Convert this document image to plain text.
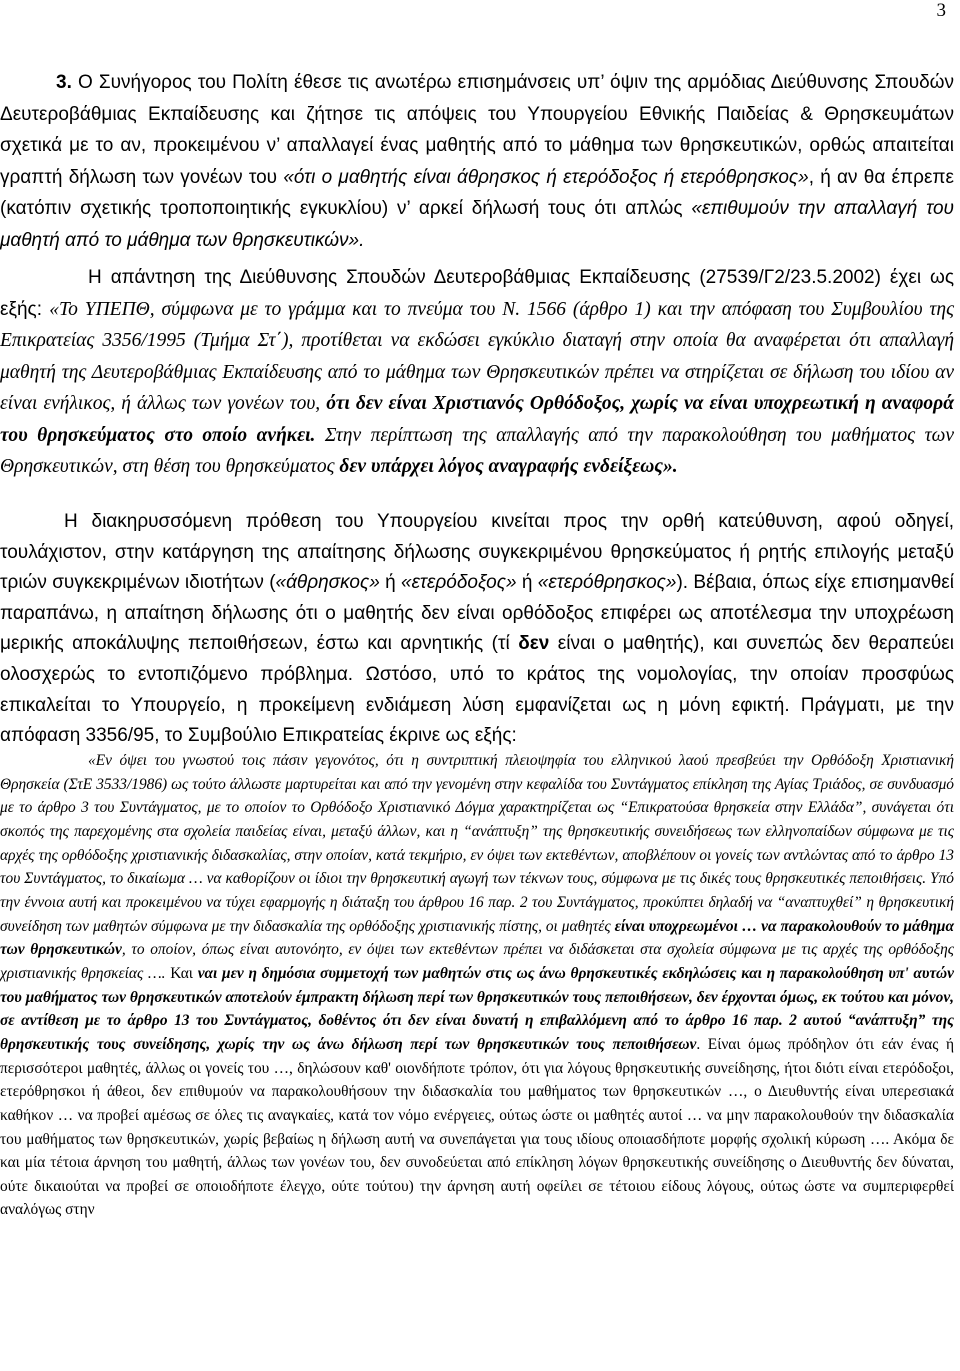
3
3. Ο Συνήγορος του Πολίτη έθεσε τις ανωτέρω επισημάνσεις υπ’ όψιν της αρμόδιας Διεύθυνσης Σπουδών Δευτεροβάθμιας Εκπαίδευσης και ζήτησε τις απόψεις του Υπουργείου Εθνικής Παιδείας & Θρησκευμάτων σχετικά με το αν, προκειμένου ν’ απαλλαγεί ένας μαθητής από το μάθημα των θρησκευτικών, ορθώς απαιτείται γραπτή δήλωση των γονέων του «ότι ο μαθητής είναι άθρησκος ή ετερόδοξος ή ετερόθρησκος», ή αν θα έπρεπε (κατόπιν σχετικής τροποποιητικής εγκυκλίου) ν’ αρκεί δήλωσή τους ότι απλώς «επιθυμούν την απαλλαγή του μαθητή από το μάθημα των θρησκευτικών».
Η απάντηση της Διεύθυνσης Σπουδών Δευτεροβάθμιας Εκπαίδευσης (27539/Γ2/23.5.2002) έχει ως εξής: «Το ΥΠΕΠΘ, σύμφωνα με το γράμμα και το πνεύμα του Ν. 1566 (άρθρο 1) και την απόφαση του Συμβουλίου της Επικρατείας 3356/1995 (Τμήμα Στ΄), προτίθεται να εκδώσει εγκύκλιο διαταγή στην οποία θα αναφέρεται ότι απαλλαγή μαθητή της Δευτεροβάθμιας Εκπαίδευσης από το μάθημα των Θρησκευτικών πρέπει να στηρίζεται σε δήλωση του ιδίου αν είναι ενήλικος, ή άλλως των γονέων του, ότι δεν είναι Χριστιανός Ορθόδοξος, χωρίς να είναι υποχρεωτική η αναφορά του θρησκεύματος στο οποίο ανήκει. Στην περίπτωση της απαλλαγής από την παρακολούθηση του μαθήματος των Θρησκευτικών, στη θέση του θρησκεύματος δεν υπάρχει λόγος αναγραφής ενδείξεως».
Η διακηρυσσόμενη πρόθεση του Υπουργείου κινείται προς την ορθή κατεύθυνση, αφού οδηγεί, τουλάχιστον, στην κατάργηση της απαίτησης δήλωσης συγκεκριμένου θρησκεύματος ή ρητής επιλογής μεταξύ τριών συγκεκριμένων ιδιοτήτων («άθρησκος» ή «ετερόδοξος» ή «ετερόθρησκος»). Βέβαια, όπως είχε επισημανθεί παραπάνω, η απαίτηση δήλωσης ότι ο μαθητής δεν είναι ορθόδοξος επιφέρει ως αποτέλεσμα την υποχρέωση μερικής αποκάλυψης πεποιθήσεων, έστω και αρνητικής (τί δεν είναι ο μαθητής), και συνεπώς δεν θεραπεύει ολοσχερώς το εντοπιζόμενο πρόβλημα. Ωστόσο, υπό το κράτος της νομολογίας, την οποίαν προσφύως επικαλείται το Υπουργείο, η προκείμενη ενδιάμεση λύση εμφανίζεται ως η μόνη εφικτή. Πράγματι, με την απόφαση 3356/95, το Συμβούλιο Επικρατείας έκρινε ως εξής:
«Εν όψει του γνωστού τοις πάσιν γεγονότος, ότι η συντριπτική πλειοψηφία του ελληνικού λαού πρεσβεύει την Ορθόδοξη Χριστιανική Θρησκεία (ΣτΕ 3533/1986) ως τούτο άλλωστε μαρτυρείται και από την γενομένη στην κεφαλίδα του Συντάγματος επίκληση της Αγίας Τριάδος, σε συνδυασμό με το άρθρο 3 του Συντάγματος, με το οποίον το Ορθόδοξο Χριστιανικό Δόγμα χαρακτηρίζεται ως “Επικρατούσα θρησκεία στην Ελλάδα”, συνάγεται ότι σκοπός της παρεχομένης στα σχολεία παιδείας είναι, μεταξύ άλλων, και η “ανάπτυξη” της θρησκευτικής συνειδήσεως των ελληνοπαίδων σύμφωνα με τις αρχές της ορθόδοξης χριστιανικής διδασκαλίας, στην οποίαν, κατά τεκμήριο, εν όψει των εκτεθέντων, αποβλέπουν οι γονείς των αντλώντας από το άρθρο 13 του Συντάγματος, το δικαίωμα … να καθορίζουν οι ίδιοι την θρησκευτική αγωγή των τέκνων τους, σύμφωνα με τις δικές τους θρησκευτικές πεποιθήσεις. Υπό την έννοια αυτή και προκειμένου να τύχει εφαρμογής η διάταξη του άρθρου 16 παρ. 2 του Συντάγματος, προκύπτει δηλαδή να “αναπτυχθεί” η θρησκευτική συνείδηση των μαθητών σύμφωνα με την διδασκαλία της ορθόδοξης χριστιανικής πίστης, οι μαθητές είναι υποχρεωμένοι … να παρακολουθούν το μάθημα των θρησκευτικών, το οποίον, όπως είναι αυτονόητο, εν όψει των εκτεθέντων πρέπει να διδάσκεται στα σχολεία σύμφωνα με τις αρχές της ορθόδοξης χριστιανικής θρησκείας …. Και ναι μεν η δημόσια συμμετοχή των μαθητών στις ως άνω θρησκευτικές εκδηλώσεις και η παρακολούθηση υπ' αυτών του μαθήματος των θρησκευτικών αποτελούν έμπρακτη δήλωση περί των θρησκευτικών τους πεποιθήσεων, δεν έρχονται όμως, εκ τούτου και μόνον, σε αντίθεση με το άρθρο 13 του Συντάγματος, δοθέντος ότι δεν είναι δυνατή η επιβαλλόμενη από το άρθρο 16 παρ. 2 αυτού “ανάπτυξη” της θρησκευτικής τους συνείδησης, χωρίς την ως άνω δήλωση περί των θρησκευτικών τους πεποιθήσεων. Είναι όμως πρόδηλον ότι εάν ένας ή περισσότεροι μαθητές, άλλως οι γονείς του …, δηλώσουν καθ' οιονδήποτε τρόπον, ότι για λόγους θρησκευτικής συνείδησης, ήτοι διότι είναι ετερόδοξοι, ετερόθρησκοι ή άθεοι, δεν επιθυμούν να παρακολουθήσουν την διδασκαλία του μαθήματος των θρησκευτικών …, ο Διευθυντής είναι υπερεσιακά καθήκον … να προβεί αμέσως σε όλες τις αναγκαίες, κατά τον νόμο ενέργειες, ούτως ώστε οι μαθητές αυτοί … να μην παρακολουθούν την διδασκαλία του μαθήματος των θρησκευτικών, χωρίς βεβαίως η δήλωση αυτή να συνεπάγεται για τους ιδίους οποιασδήποτε μορφής σχολική κύρωση …. Ακόμα δε και μία τέτοια άρνηση του μαθητή, άλλως των γονέων του, δεν συνοδεύεται από επίκληση λόγων θρησκευτικής συνείδησης ο Διευθυντής δεν δύναται, ούτε δικαιούται να προβεί σε οποιοδήποτε έλεγχο, ούτε τούτου) την άρνηση αυτή οφείλει σε τέτοιου είδους λόγους, ούτως ώστε να συμπεριφερθεί αναλόγως στην
